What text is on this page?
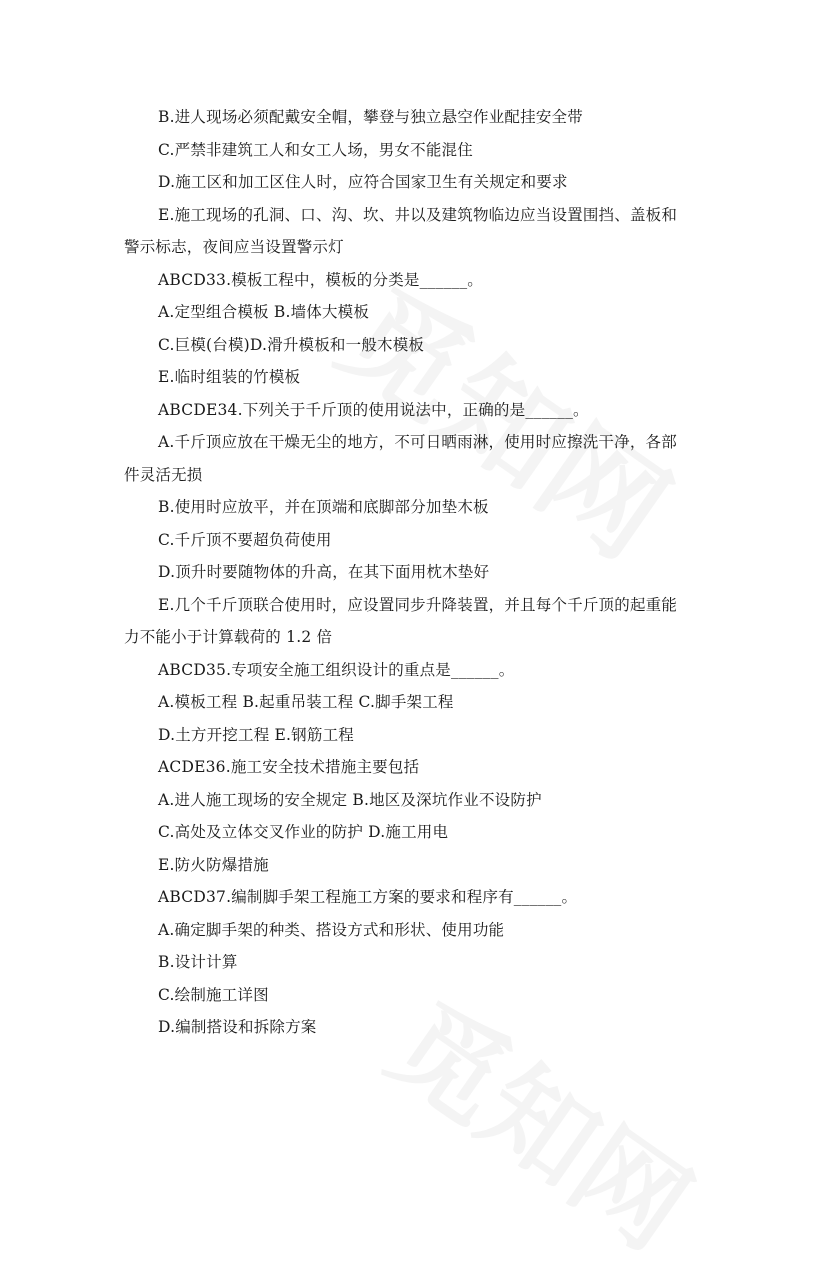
B.进人现场必须配戴安全帽，攀登与独立悬空作业配挂安全带
C.严禁非建筑工人和女工人场，男女不能混住
D.施工区和加工区住人时，应符合国家卫生有关规定和要求
E.施工现场的孔洞、口、沟、坎、井以及建筑物临边应当设置围挡、盖板和
警示标志，夜间应当设置警示灯
ABCD33.模板工程中，模板的分类是______。
A.定型组合模板 B.墙体大模板
C.巨模(台模)D.滑升模板和一般木模板
E.临时组装的竹模板
ABCDE34.下列关于千斤顶的使用说法中，正确的是______。
A.千斤顶应放在干燥无尘的地方，不可日晒雨淋，使用时应擦洗干净，各部
件灵活无损
B.使用时应放平，并在顶端和底脚部分加垫木板
C.千斤顶不要超负荷使用
D.顶升时要随物体的升高，在其下面用枕木垫好
E.几个千斤顶联合使用时，应设置同步升降装置，并且每个千斤顶的起重能
力不能小于计算载荷的 1.2 倍
ABCD35.专项安全施工组织设计的重点是______。
A.模板工程 B.起重吊装工程 C.脚手架工程
D.土方开挖工程 E.钢筋工程
ACDE36.施工安全技术措施主要包括
A.进人施工现场的安全规定 B.地区及深坑作业不设防护
C.高处及立体交叉作业的防护 D.施工用电
E.防火防爆措施
ABCD37.编制脚手架工程施工方案的要求和程序有______。
A.确定脚手架的种类、搭设方式和形状、使用功能
B.设计计算
C.绘制施工详图
D.编制搭设和拆除方案
